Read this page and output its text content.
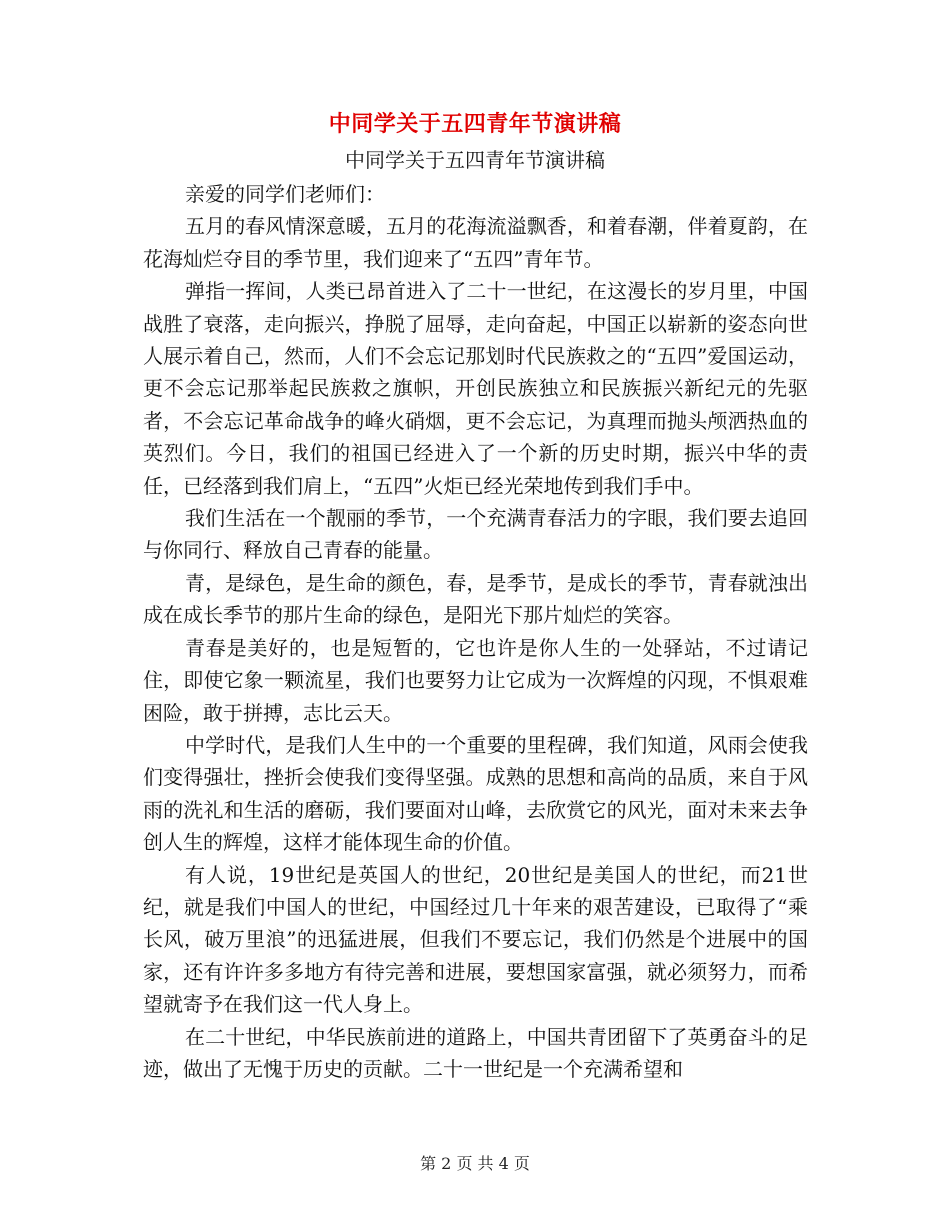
中同学关于五四青年节演讲稿
中同学关于五四青年节演讲稿

亲爱的同学们老师们：

五月的春风情深意暖，五月的花海流溢飘香，和着春潮，伴着夏韵，在花海灿烂夺目的季节里，我们迎来了“五四”青年节。

弹指一挥间，人类已昂首进入了二十一世纪，在这漫长的岁月里，中国战胜了衰落，走向振兴，挣脱了屈辱，走向奋起，中国正以崭新的姿态向世人展示着自己，然而，人们不会忘记那划时代民族救之的“五四”爱国运动，更不会忘记那举起民族救之旗帜，开创民族独立和民族振兴新纪元的先驱者，不会忘记革命战争的峰火硝烟，更不会忘记，为真理而抛头颅洒热血的英烈们。今日，我们的祖国已经进入了一个新的历史时期，振兴中华的责任，已经落到我们肩上，“五四”火炬已经光荣地传到我们手中。

我们生活在一个靓丽的季节，一个充满青春活力的字眼，我们要去追回与你同行、释放自己青春的能量。

青，是绿色，是生命的颜色，春，是季节，是成长的季节，青春就浊出成在成长季节的那片生命的绿色，是阳光下那片灿烂的笑容。

青春是美好的，也是短暂的，它也许是你人生的一处驿站，不过请记住，即使它象一颗流星，我们也要努力让它成为一次辉煌的闪现，不惧艰难困险，敢于拼搏，志比云天。

中学时代，是我们人生中的一个重要的里程碑，我们知道，风雨会使我们变得强壮，挫折会使我们变得坚强。成熟的思想和高尚的品质，来自于风雨的洗礼和生活的磨砺，我们要面对山峰，去欣赏它的风光，面对未来去争创人生的辉煌，这样才能体现生命的价值。

有人说，19世纪是英国人的世纪，20世纪是美国人的世纪，而21世纪，就是我们中国人的世纪，中国经过几十年来的艰苦建设，已取得了“乘长风，破万里浪”的迅猛进展，但我们不要忘记，我们仍然是个进展中的国家，还有许许多多地方有待完善和进展，要想国家富强，就必须努力，而希望就寄予在我们这一代人身上。

在二十世纪，中华民族前进的道路上，中国共青团留下了英勇奋斗的足迹，做出了无愧于历史的贡献。二十一世纪是一个充满希望和

第 2 页 共 4 页
